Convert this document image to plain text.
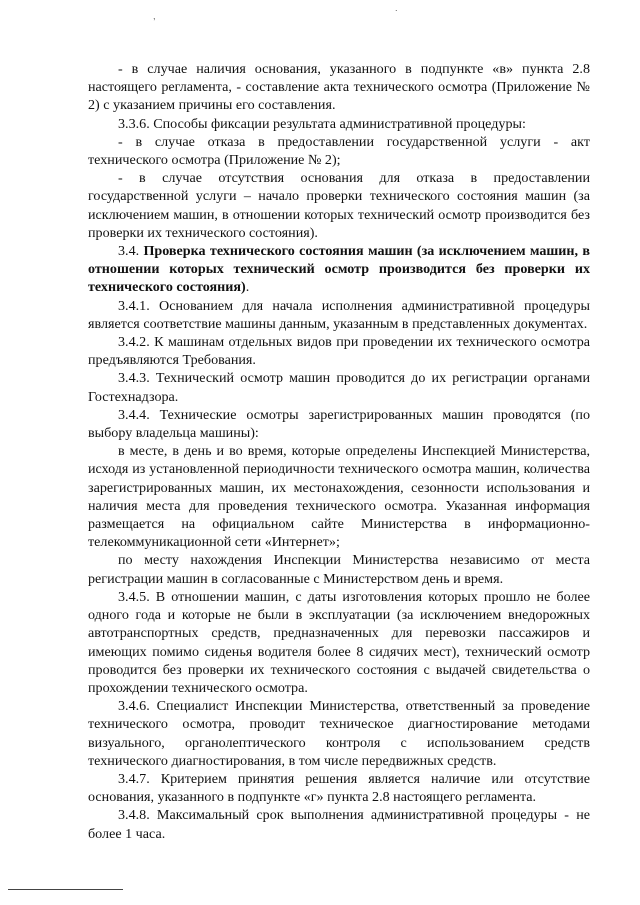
,
.

- в случае наличия основания, указанного в подпункте «в» пункта 2.8 настоящего регламента, - составление акта технического осмотра (Приложение № 2) с указанием причины его составления.

3.3.6. Способы фиксации результата административной процедуры:

- в случае отказа в предоставлении государственной услуги - акт технического осмотра (Приложение № 2);

- в случае отсутствия основания для отказа в предоставлении государственной услуги – начало проверки технического состояния машин (за исключением машин, в отношении которых технический осмотр производится без проверки их технического состояния).

3.4. Проверка технического состояния машин (за исключением машин, в отношении которых технический осмотр производится без проверки их технического состояния).

3.4.1. Основанием для начала исполнения административной процедуры является соответствие машины данным, указанным в представленных документах.

3.4.2. К машинам отдельных видов при проведении их технического осмотра предъявляются Требования.

3.4.3. Технический осмотр машин проводится до их регистрации органами Гостехнадзора.

3.4.4. Технические осмотры зарегистрированных машин проводятся (по выбору владельца машины):

в месте, в день и во время, которые определены Инспекцией Министерства, исходя из установленной периодичности технического осмотра машин, количества зарегистрированных машин, их местонахождения, сезонности использования и наличия места для проведения технического осмотра. Указанная информация размещается на официальном сайте Министерства в информационно-телекоммуникационной сети «Интернет»;

по месту нахождения Инспекции Министерства независимо от места регистрации машин в согласованные с Министерством день и время.

3.4.5. В отношении машин, с даты изготовления которых прошло не более одного года и которые не были в эксплуатации (за исключением внедорожных автотранспортных средств, предназначенных для перевозки пассажиров и имеющих помимо сиденья водителя более 8 сидячих мест), технический осмотр проводится без проверки их технического состояния с выдачей свидетельства о прохождении технического осмотра.

3.4.6. Специалист Инспекции Министерства, ответственный за проведение технического осмотра, проводит техническое диагностирование методами визуального, органолептического контроля с использованием средств технического диагностирования, в том числе передвижных средств.

3.4.7. Критерием принятия решения является наличие или отсутствие основания, указанного в подпункте «г» пункта 2.8 настоящего регламента.

3.4.8. Максимальный срок выполнения административной процедуры - не более 1 часа.
